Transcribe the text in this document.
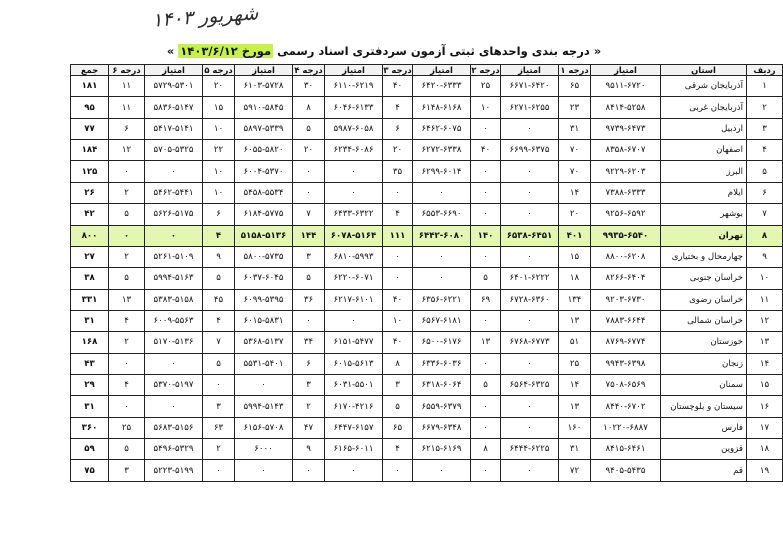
شهریور ۱۴۰۳
« درجه بندی واحدهای ثبتی آزمون سردفتری اسناد رسمی مورخ ۱۴۰۳/۶/۱۲ »
ردیف	استان	امتیاز	درجه ۱	امتیاز	درجه ۲	امتیاز	درجه ۳	امتیاز	درجه ۴	امتیاز	درجه ۵	امتیاز	درجه ۶	جمع
۱	آذربایجان شرقی	۹۵۱۱-۶۷۲۰	۶۵	۶۶۷۱-۶۴۲۰	۲۵	۶۴۲۰-۶۳۳۳	۴۰	۶۱۱۰-۶۲۱۹	۳۰	۶۱۰۳-۵۷۲۸	۲۰	۵۷۲۹-۵۳۰۱	۱۱	۱۸۱
۲	آذربایجان غربی	۸۴۱۴-۵۲۵۸	۲۳	۶۲۷۱-۶۲۵۵	۱۰	۶۱۴۸-۶۱۶۸	۴	۶۰۴۶-۶۱۳۳	۸	۵۹۱۰-۵۸۴۵	۱۵	۵۸۳۶-۵۱۴۷	۱۱	۹۵
۳	اردبیل	۹۷۳۹-۶۴۷۳	۳۱	۰	۰	۶۴۶۲-۶۰۷۵	۶	۵۹۸۷-۶۰۵۸	۵	۵۸۹۷-۵۳۳۹	۱۰	۵۴۱۷-۵۱۴۱	۶	۷۷
۴	اصفهان	۸۳۵۸-۶۷۰۷	۷۰	۶۶۹۹-۶۳۷۵	۴۰	۶۲۷۲-۶۳۳۸	۲۰	۶۲۳۴-۶۰۸۶	۲۰	۶۰۵۵-۵۸۲۰	۲۲	۵۷۰۵-۵۳۲۵	۱۲	۱۸۴
۵	البرز	۹۲۲۹-۶۲۰۳	۷۰	۰	۰	۶۲۹۹-۶۰۱۴	۳۵	۰	۰	۶۰۰۴-۵۳۷۰	۱۰	۰	۰	۱۲۵
۶	ایلام	۷۳۸۸-۶۳۳۳	۱۴	۰	۰	۰	۰	۰	۰	۵۴۵۸-۵۵۳۴	۱۰	۵۴۶۲-۵۴۴۱	۲	۲۶
۷	بوشهر	۹۲۵۶-۶۵۹۲	۲۰	۰	۰	۶۵۵۳-۶۶۹۰	۴	۶۴۳۳-۶۳۲۲	۷	۶۱۸۴-۵۷۷۵	۶	۵۶۲۶-۵۱۷۵	۵	۴۲
۸	تهران	۹۹۳۵-۶۵۴۰	۴۰۱	۶۵۳۸-۶۴۵۱	۱۴۰	۶۴۴۲-۶۰۸۰	۱۱۱	۶۰۷۸-۵۱۶۴	۱۴۴	۵۱۵۸-۵۱۳۶	۴	۰	۰	۸۰۰
۹	چهارمحال و بختیاری	۸۸۰۰-۶۲۰۸	۱۵	۰	۰	۰	۰	۶۸۱۰-۵۹۹۳	۳	۵۸۰۰-۵۷۳۵	۹	۵۲۶۱-۵۱۰۹	۲	۲۷
۱۰	خراسان جنوبی	۸۲۶۶-۶۴۰۴	۱۸	۶۴۰۱-۶۲۲۲	۵	۰	۰	۶۲۲۰-۶۰۷۱	۵	۶۰۳۷-۶۰۴۵	۵	۵۹۹۴-۵۱۶۳	۵	۳۸
۱۱	خراسان رضوی	۹۲۰۳-۶۷۳۰	۱۳۴	۶۷۲۸-۶۳۶۰	۶۹	۶۳۵۶-۶۲۲۱	۴۰	۶۲۱۷-۶۱۰۱	۳۶	۶۰۹۹-۵۳۹۵	۴۵	۵۳۸۳-۵۱۵۸	۱۳	۳۳۱
۱۲	خراسان شمالی	۷۸۸۳-۶۶۴۴	۱۳	۰	۰	۶۵۶۷-۶۱۸۱	۱۰	۰	۰	۶۰۱۵-۵۸۳۱	۴	۶۰۰۹-۵۵۶۳	۴	۳۱
۱۳	خوزستان	۸۷۶۹-۶۷۷۴	۵۱	۶۷۶۸-۶۷۷۳	۱۳	۶۵۰۰-۶۱۷۶	۴۰	۶۱۵۱-۵۴۷۷	۳۴	۵۳۶۸-۵۱۳۷	۷	۵۱۷۰-۵۱۳۶	۲	۱۶۸
۱۴	زنجان	۹۹۴۳-۶۳۹۸	۲۵	۰	۰	۶۳۳۶-۶۰۳۶	۸	۶۰۱۵-۵۶۱۳	۶	۵۵۳۱-۵۴۰۱	۵	۰	۰	۴۳
۱۵	سمنان	۷۵۰۸-۶۵۶۹	۱۴	۶۵۶۴-۶۳۲۵	۵	۶۳۱۸-۶۰۶۴	۳	۶۰۳۱-۵۵۰۱	۳	۰	۰	۵۳۷۰-۵۱۹۷	۴	۲۹
۱۶	سیستان و بلوچستان	۸۴۴۰-۶۷۰۲	۱۳	۰	۰	۶۵۵۹-۶۳۷۹	۵	۶۱۷۰-۴۲۱۶	۲	۵۹۹۴-۵۱۴۳	۳	۰	۰	۳۱
۱۷	فارس	۱۰۲۲۰-۶۸۸۷	۱۶۰	۰	۰	۶۶۷۹-۶۳۴۸	۶۵	۶۴۴۷-۶۱۵۷	۴۷	۶۱۵۶-۵۷۰۸	۶۳	۵۶۸۳-۵۱۵۶	۲۵	۳۶۰
۱۸	قزوین	۸۴۱۵-۶۴۶۱	۳۱	۶۴۴۴-۶۲۲۵	۸	۶۲۱۵-۶۱۶۹	۴	۶۱۶۵-۶۰۱۱	۹	۶۰۰۰	۲	۵۴۹۶-۵۳۲۹	۵	۵۹
۱۹	قم	۹۴۰۵-۵۴۳۵	۷۲	۰	۰	۰	۰	۰	۰	۰	۰	۵۲۲۳-۵۱۹۹	۳	۷۵
